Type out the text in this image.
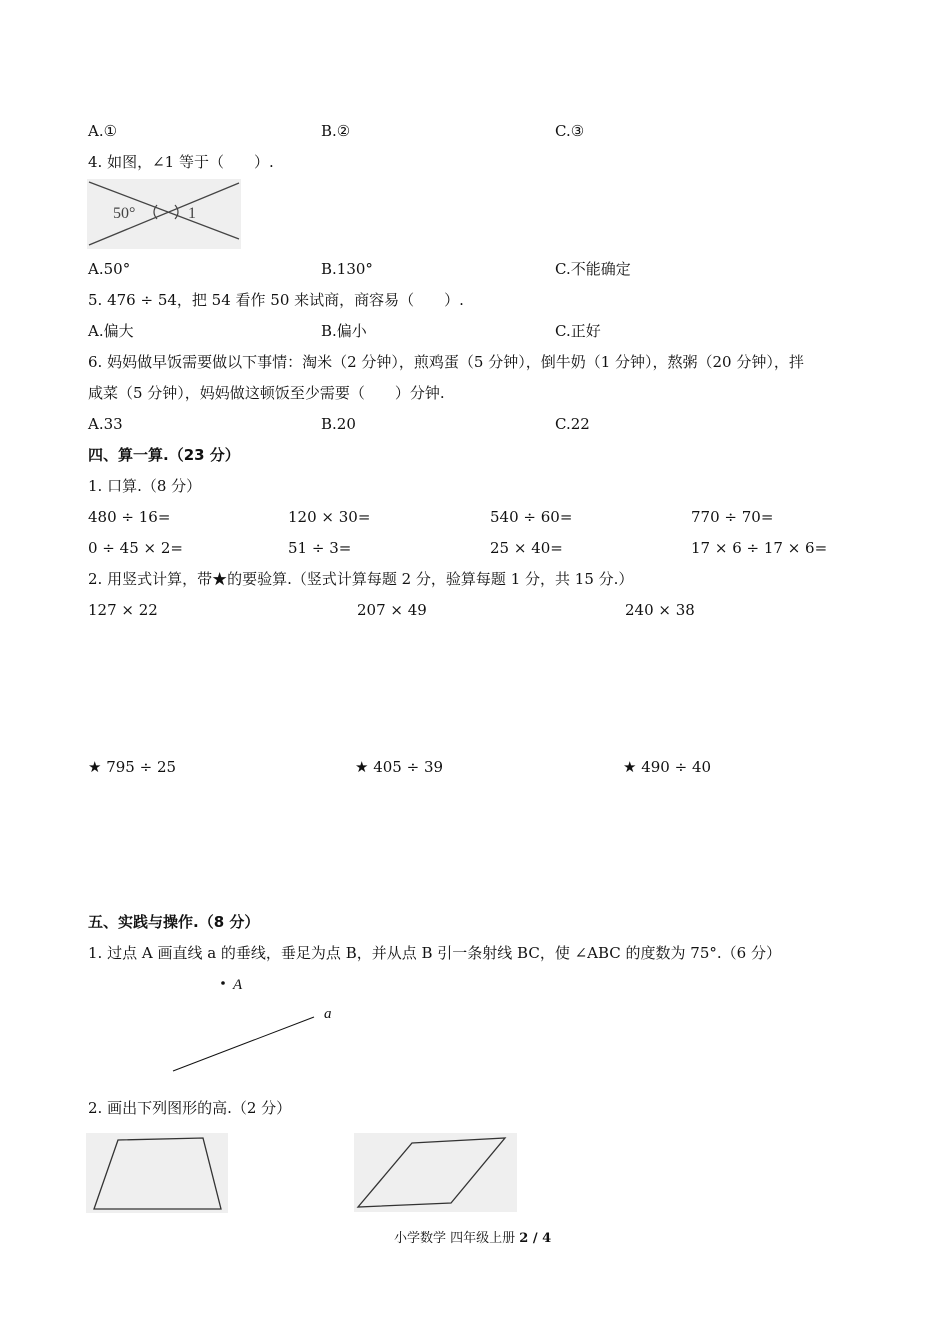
A.①	B.②	C.③
4. 如图，∠1 等于（　　）.
50°	1
A.50°	B.130°	C.不能确定
5. 476 ÷ 54，把 54 看作 50 来试商，商容易（　　）.
A.偏大	B.偏小	C.正好
6. 妈妈做早饭需要做以下事情：淘米（2 分钟），煎鸡蛋（5 分钟），倒牛奶（1 分钟），熬粥（20 分钟），拌
咸菜（5 分钟），妈妈做这顿饭至少需要（　　）分钟.
A.33	B.20	C.22
四、算一算.（23 分）
1. 口算.（8 分）
480 ÷ 16=	120 × 30=	540 ÷ 60=	770 ÷ 70=
0 ÷ 45 × 2=	51 ÷ 3=	25 × 40=	17 × 6 ÷ 17 × 6=
2. 用竖式计算，带★的要验算.（竖式计算每题 2 分，验算每题 1 分，共 15 分.）
127 × 22	207 × 49	240 × 38
★ 795 ÷ 25	★ 405 ÷ 39	★ 490 ÷ 40
五、实践与操作.（8 分）
1. 过点 A 画直线 a 的垂线，垂足为点 B，并从点 B 引一条射线 BC，使 ∠ABC 的度数为 75°.（6 分）
A
a
2. 画出下列图形的高.（2 分）
小学数学 四年级上册 2 / 4
